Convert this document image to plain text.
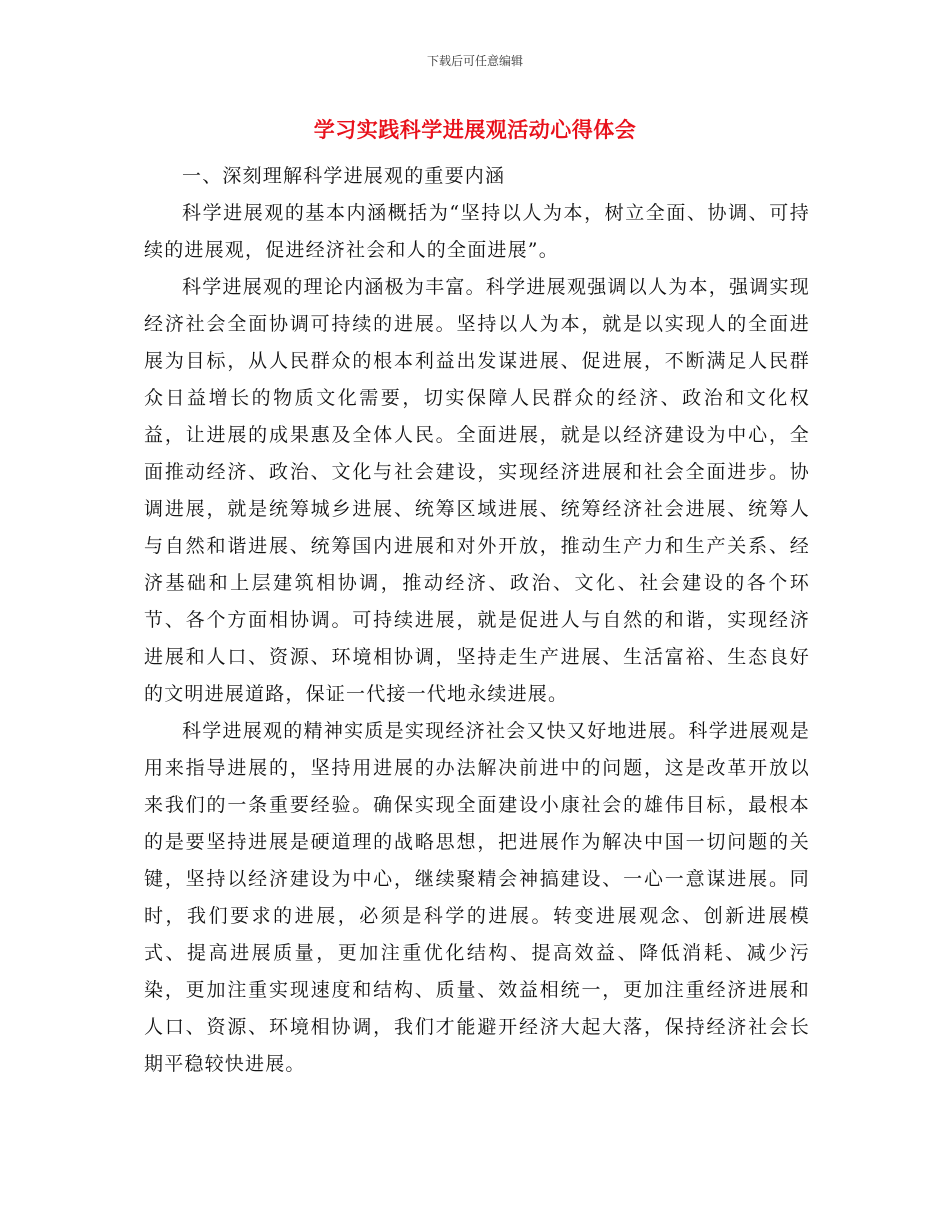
下载后可任意编辑
学习实践科学进展观活动心得体会

一、深刻理解科学进展观的重要内涵

科学进展观的基本内涵概括为“坚持以人为本，树立全面、协调、可持续的进展观，促进经济社会和人的全面进展”。

科学进展观的理论内涵极为丰富。科学进展观强调以人为本，强调实现经济社会全面协调可持续的进展。坚持以人为本，就是以实现人的全面进展为目标，从人民群众的根本利益出发谋进展、促进展，不断满足人民群众日益增长的物质文化需要，切实保障人民群众的经济、政治和文化权益，让进展的成果惠及全体人民。全面进展，就是以经济建设为中心，全面推动经济、政治、文化与社会建设，实现经济进展和社会全面进步。协调进展，就是统筹城乡进展、统筹区域进展、统筹经济社会进展、统筹人与自然和谐进展、统筹国内进展和对外开放，推动生产力和生产关系、经济基础和上层建筑相协调，推动经济、政治、文化、社会建设的各个环节、各个方面相协调。可持续进展，就是促进人与自然的和谐，实现经济进展和人口、资源、环境相协调，坚持走生产进展、生活富裕、生态良好的文明进展道路，保证一代接一代地永续进展。

科学进展观的精神实质是实现经济社会又快又好地进展。科学进展观是用来指导进展的，坚持用进展的办法解决前进中的问题，这是改革开放以来我们的一条重要经验。确保实现全面建设小康社会的雄伟目标，最根本的是要坚持进展是硬道理的战略思想，把进展作为解决中国一切问题的关键，坚持以经济建设为中心，继续聚精会神搞建设、一心一意谋进展。同时，我们要求的进展，必须是科学的进展。转变进展观念、创新进展模式、提高进展质量，更加注重优化结构、提高效益、降低消耗、减少污染，更加注重实现速度和结构、质量、效益相统一，更加注重经济进展和人口、资源、环境相协调，我们才能避开经济大起大落，保持经济社会长期平稳较快进展。
